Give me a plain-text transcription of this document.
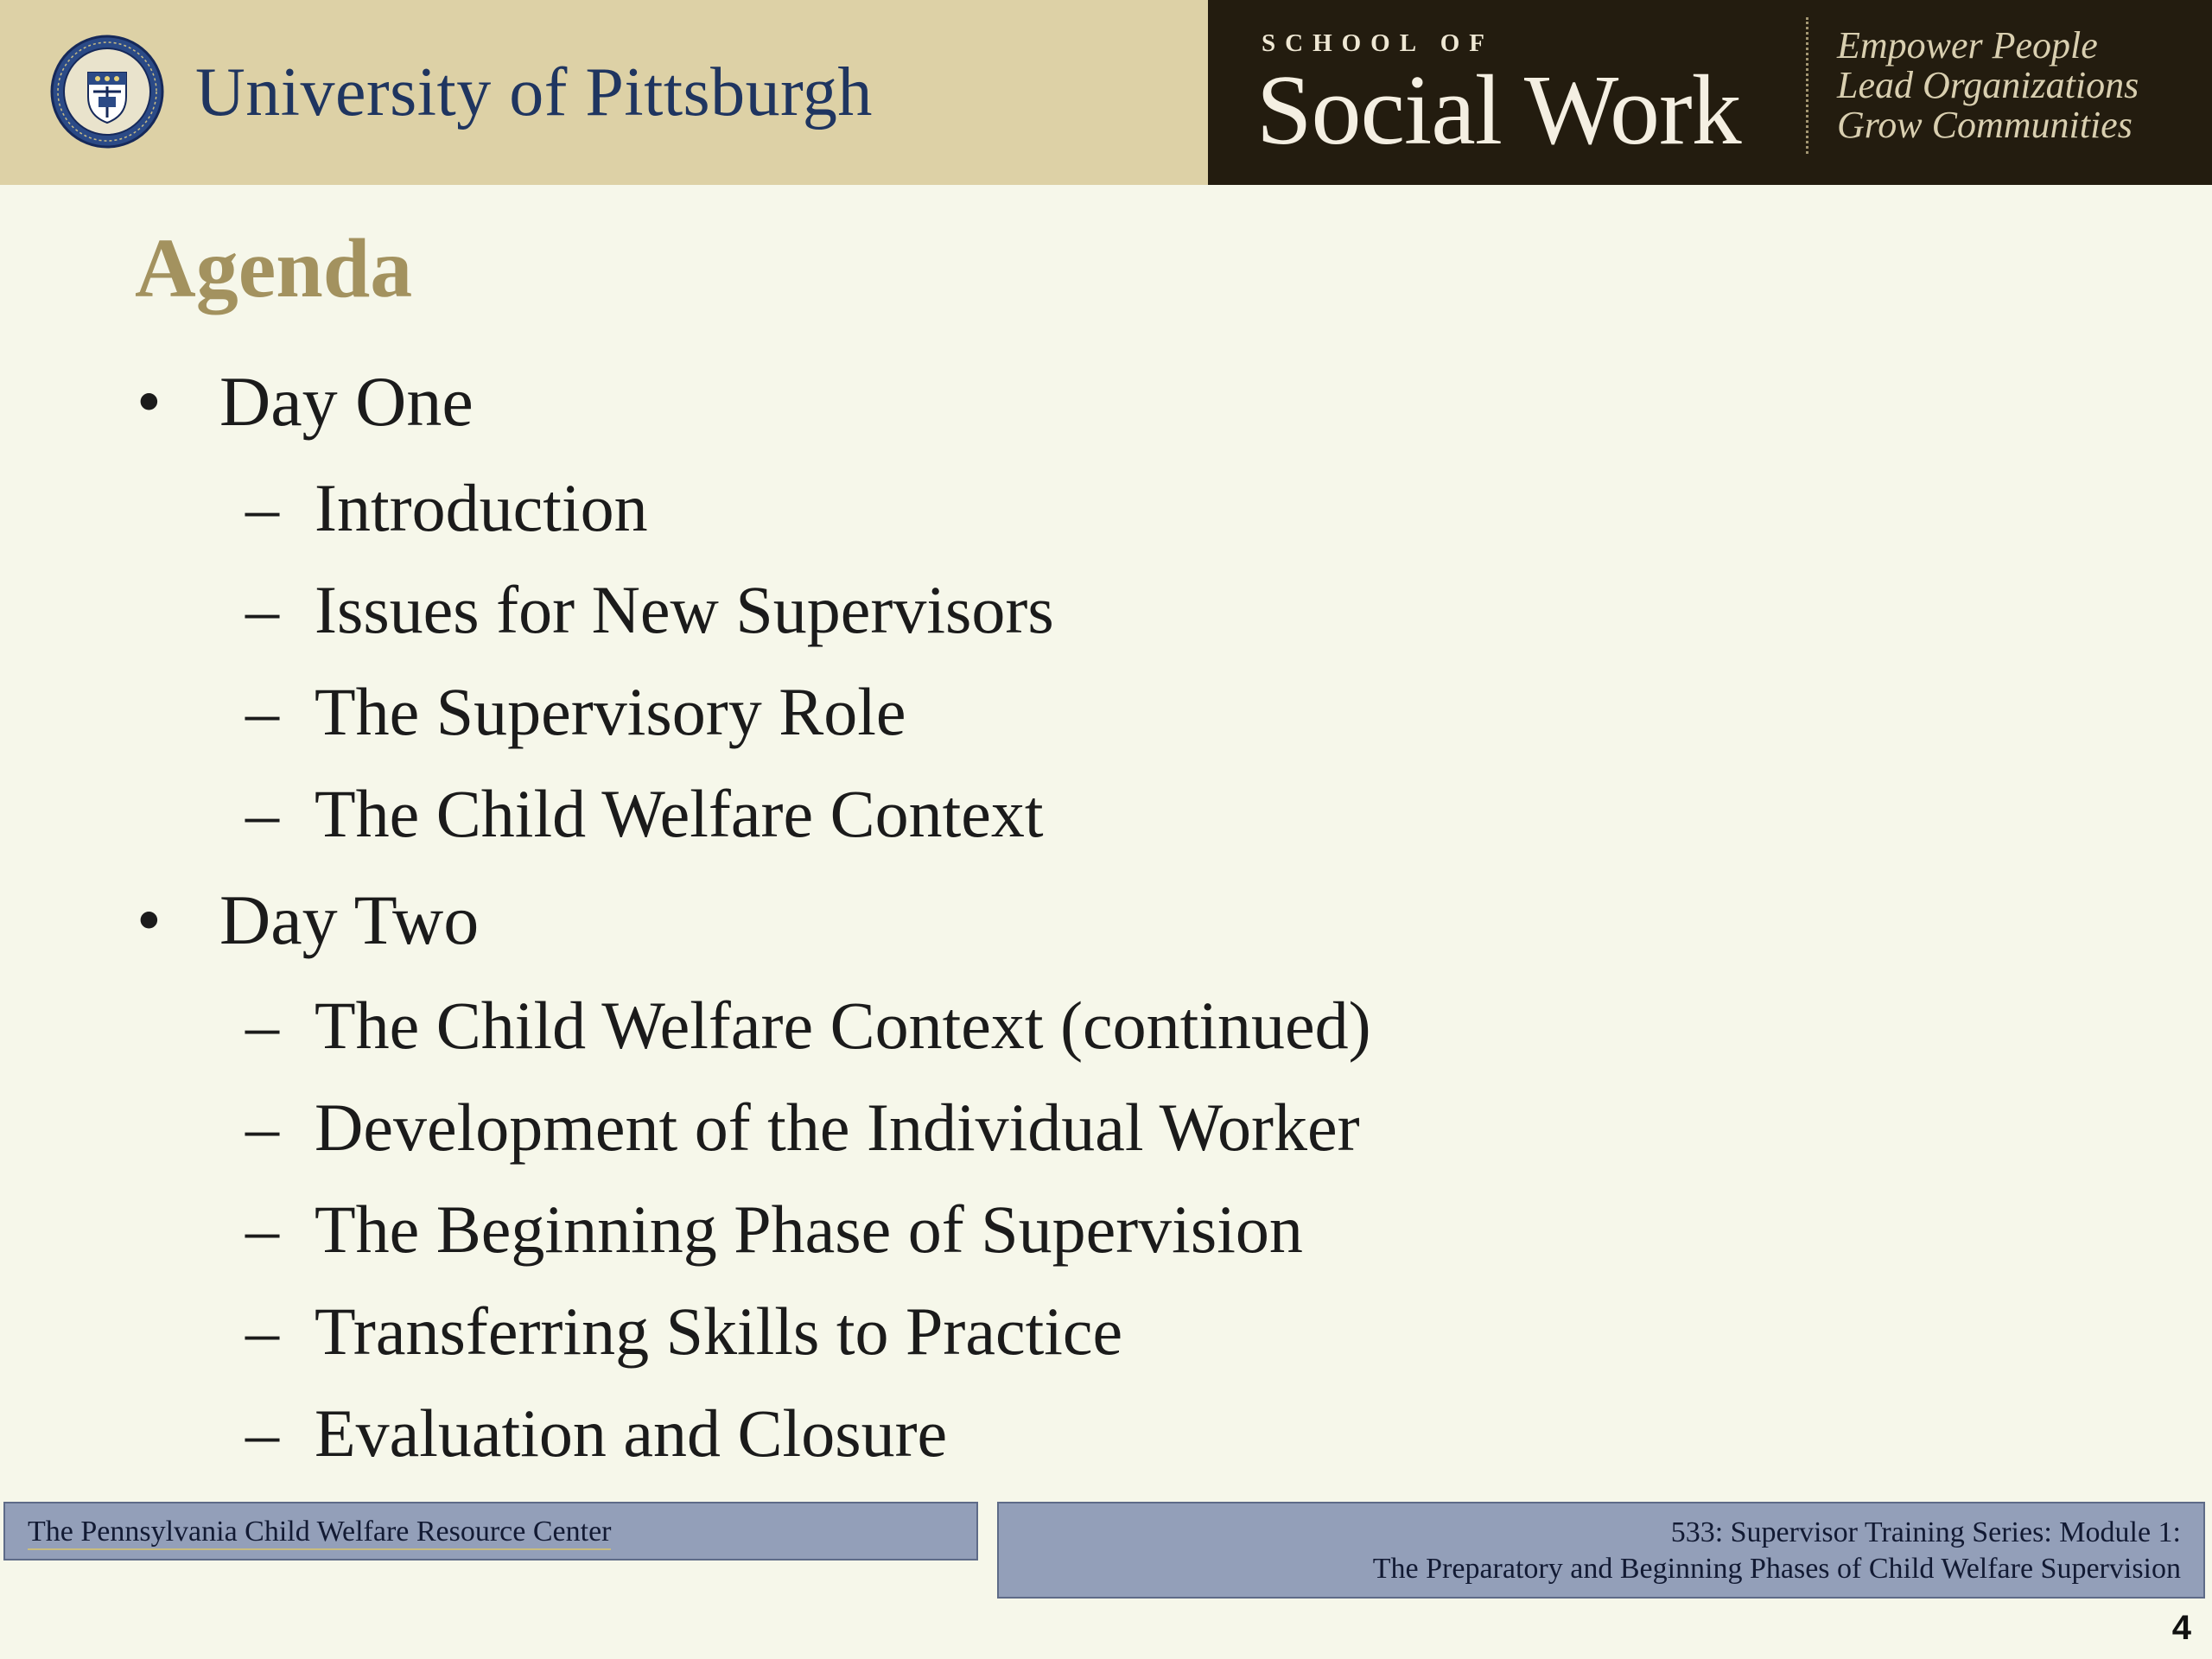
University of Pittsburgh
SCHOOL OF
Social Work
Empower People
Lead Organizations
Grow Communities
Agenda
• Day One
– Introduction
– Issues for New Supervisors
– The Supervisory Role
– The Child Welfare Context
• Day Two
– The Child Welfare Context (continued)
– Development of the Individual Worker
– The Beginning Phase of Supervision
– Transferring Skills to Practice
– Evaluation and Closure
The Pennsylvania Child Welfare Resource Center	533: Supervisor Training Series: Module 1:
The Preparatory and Beginning Phases of Child Welfare Supervision
4
